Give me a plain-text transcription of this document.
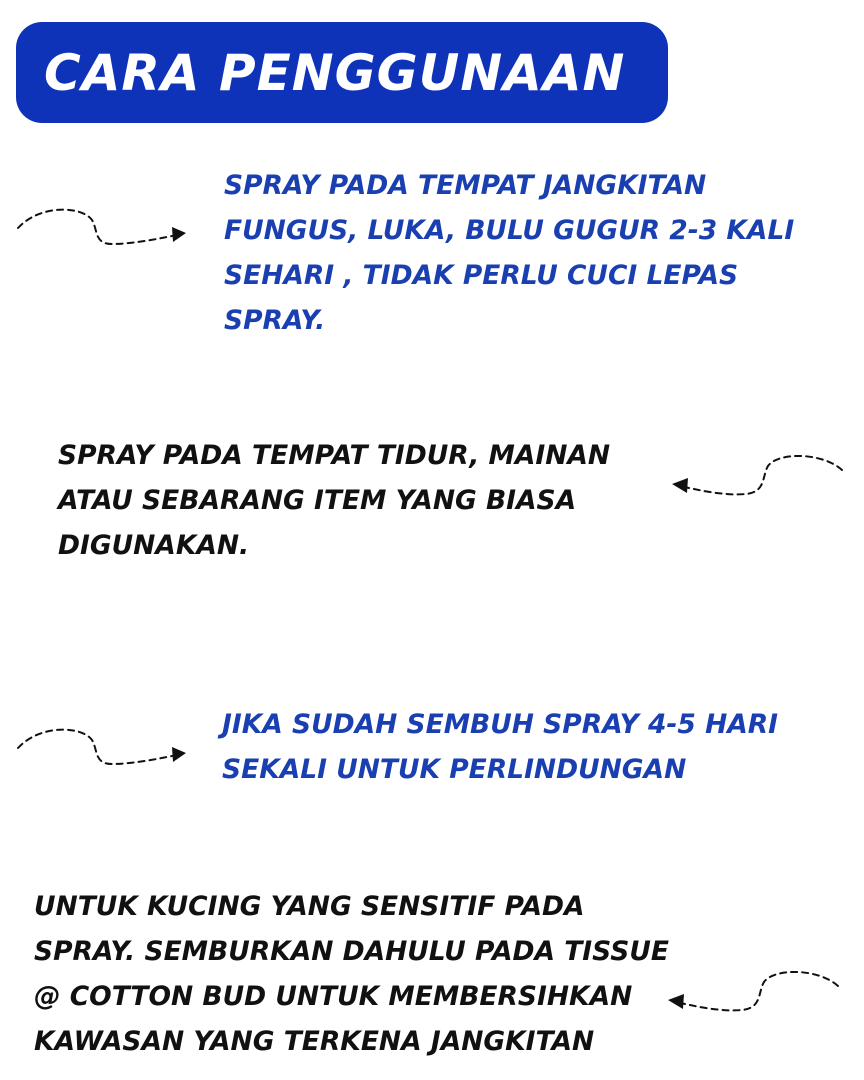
CARA PENGGUNAAN
SPRAY PADA TEMPAT JANGKITAN
FUNGUS, LUKA, BULU GUGUR 2-3 KALI
SEHARI , TIDAK PERLU CUCI LEPAS
SPRAY.
SPRAY PADA TEMPAT TIDUR, MAINAN
ATAU SEBARANG ITEM YANG BIASA
DIGUNAKAN.
JIKA SUDAH SEMBUH SPRAY 4-5 HARI
SEKALI UNTUK PERLINDUNGAN
UNTUK KUCING YANG SENSITIF PADA
SPRAY. SEMBURKAN DAHULU PADA TISSUE
@ COTTON BUD UNTUK MEMBERSIHKAN
KAWASAN YANG TERKENA JANGKITAN
